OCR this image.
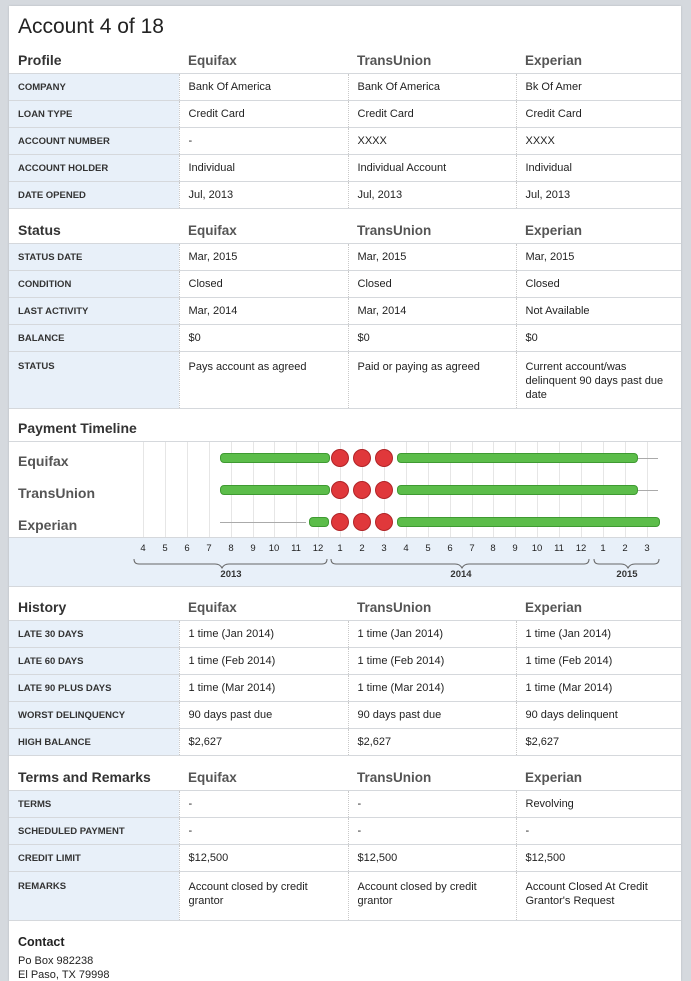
Account 4 of 18
Profile	Equifax	TransUnion	Experian
COMPANY	Bank Of America	Bank Of America	Bk Of Amer
LOAN TYPE	Credit Card	Credit Card	Credit Card
ACCOUNT NUMBER	-	XXXX	XXXX
ACCOUNT HOLDER	Individual	Individual Account	Individual
DATE OPENED	Jul, 2013	Jul, 2013	Jul, 2013
Status	Equifax	TransUnion	Experian
STATUS DATE	Mar, 2015	Mar, 2015	Mar, 2015
CONDITION	Closed	Closed	Closed
LAST ACTIVITY	Mar, 2014	Mar, 2014	Not Available
BALANCE	$0	$0	$0
STATUS	Pays account as agreed	Paid or paying as agreed	Current account/was delinquent 90 days past due date
Payment Timeline
Equifax
TransUnion
Experian
4	5	6	7	8	9	10	11	12	1	2	3	4	5	6	7	8	9	10	11	12	1	2	3
2013	2014	2015
History	Equifax	TransUnion	Experian
LATE 30 DAYS	1 time (Jan 2014)	1 time (Jan 2014)	1 time (Jan 2014)
LATE 60 DAYS	1 time (Feb 2014)	1 time (Feb 2014)	1 time (Feb 2014)
LATE 90 PLUS DAYS	1 time (Mar 2014)	1 time (Mar 2014)	1 time (Mar 2014)
WORST DELINQUENCY	90 days past due	90 days past due	90 days delinquent
HIGH BALANCE	$2,627	$2,627	$2,627
Terms and Remarks	Equifax	TransUnion	Experian
TERMS	-	-	Revolving
SCHEDULED PAYMENT	-	-	-
CREDIT LIMIT	$12,500	$12,500	$12,500
REMARKS	Account closed by credit grantor	Account closed by credit grantor	Account Closed At Credit Grantor's Request
Contact
Po Box 982238
El Paso, TX 79998
